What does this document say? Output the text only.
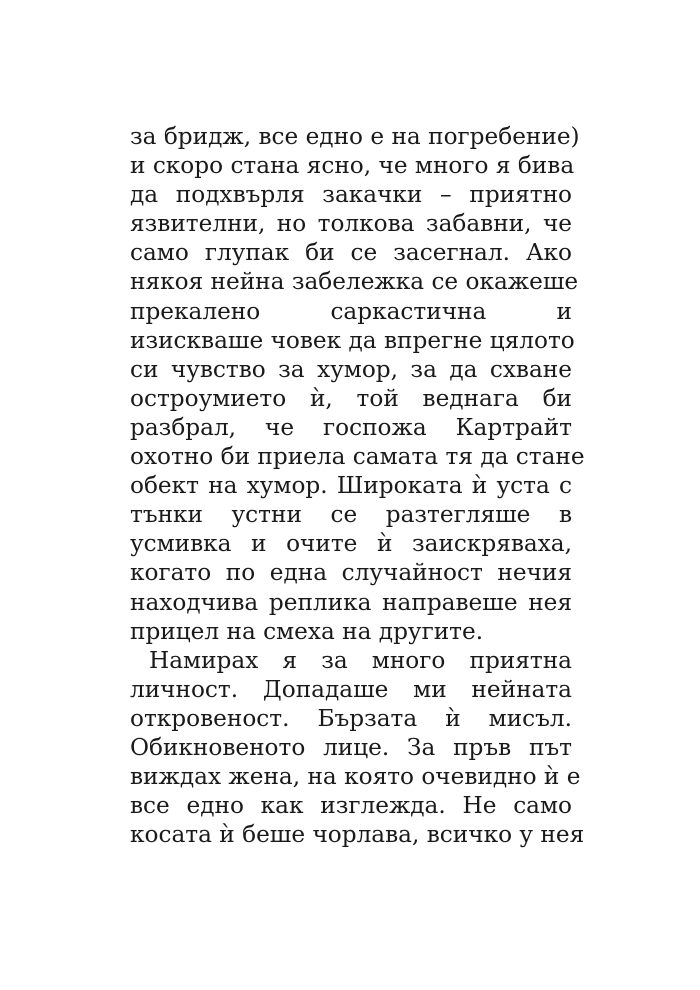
за бридж, все едно е на погребение)
и скоро стана ясно, че много я бива
да подхвърля закачки – приятно
язвителни, но толкова забавни, че
само глупак би се засегнал. Ако
някоя нейна забележка се окажеше
прекалено саркастична и
изискваше човек да впрегне цялото
си чувство за хумор, за да схване
остроумието ѝ, той веднага би
разбрал, че госпожа Картрайт
охотно би приела самата тя да стане
обект на хумор. Широката ѝ уста с
тънки устни се разтегляше в
усмивка и очите ѝ заискряваха,
когато по една случайност нечия
находчива реплика направеше нея
прицел на смеха на другите.
Намирах я за много приятна
личност. Допадаше ми нейната
откровеност. Бързата ѝ мисъл.
Обикновеното лице. За пръв път
виждах жена, на която очевидно ѝ е
все едно как изглежда. Не само
косата ѝ беше чорлава, всичко у нея
